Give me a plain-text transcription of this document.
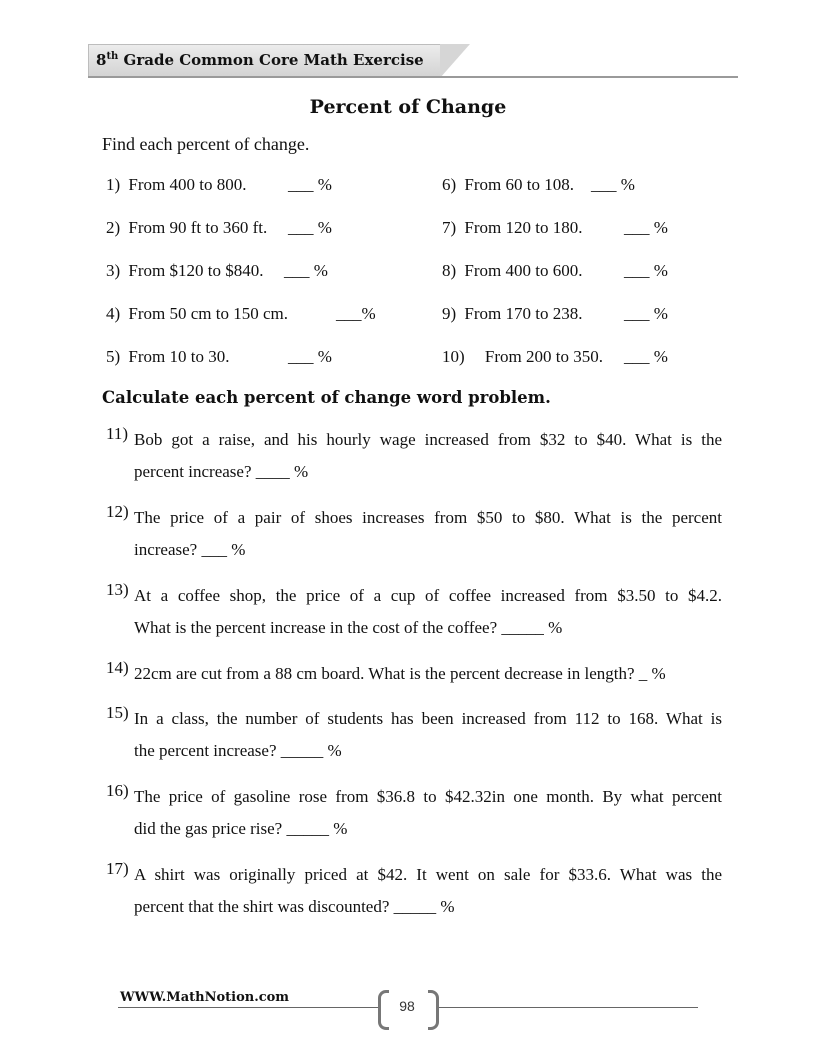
8th Grade Common Core Math Exercise
Percent of Change
Find each percent of change.
1) From 400 to 800. ___ %
2) From 90 ft to 360 ft. ___ %
3) From $120 to $840. ___ %
4) From 50 cm to 150 cm.	___%
5) From 10 to 30.	___ %
6) From 60 to 108. ___ %
7) From 120 to 180. ___ %
8) From 400 to 600. ___ %
9) From 170 to 238. ___ %
10) From 200 to 350. ___ %
Calculate each percent of change word problem.
11) Bob got a raise, and his hourly wage increased from $32 to $40. What is the
percent increase? ____ %
12) The price of a pair of shoes increases from $50 to $80. What is the percent
increase? ___ %
13) At a coffee shop, the price of a cup of coffee increased from $3.50 to $4.2.
What is the percent increase in the cost of the coffee? _____ %
14) 22cm are cut from a 88 cm board. What is the percent decrease in length? _ %
15) In a class, the number of students has been increased from 112 to 168. What is
the percent increase? _____ %
16) The price of gasoline rose from $36.8 to $42.32in one month. By what percent
did the gas price rise? _____ %
17) A shirt was originally priced at $42. It went on sale for $33.6. What was the
percent that the shirt was discounted? _____ %
WWW.MathNotion.com
98
